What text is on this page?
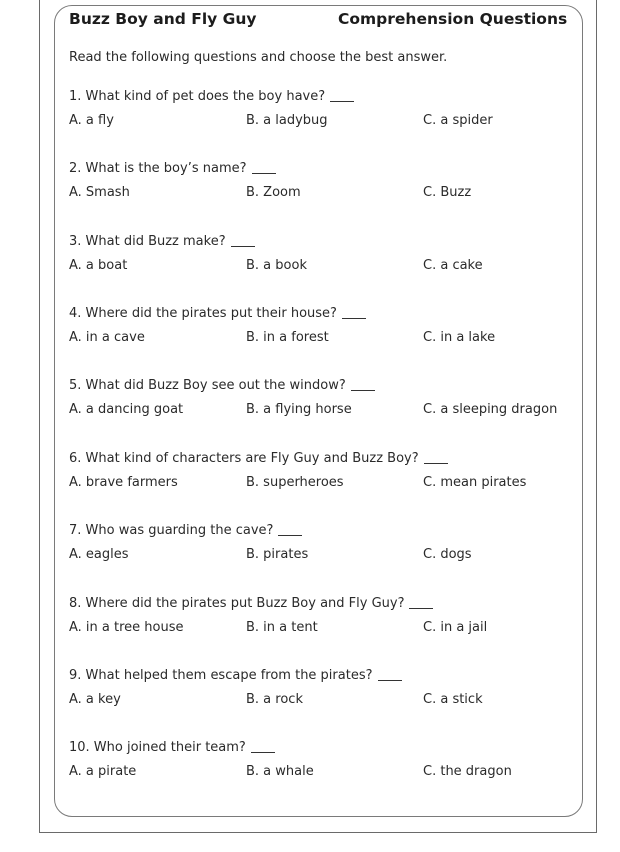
Buzz Boy and Fly Guy	Comprehension Questions
Read the following questions and choose the best answer.
1. What kind of pet does the boy have?
A. a fly	B. a ladybug	C. a spider
2. What is the boy’s name?
A. Smash	B. Zoom	C. Buzz
3. What did Buzz make?
A. a boat	B. a book	C. a cake
4. Where did the pirates put their house?
A. in a cave	B. in a forest	C. in a lake
5. What did Buzz Boy see out the window?
A. a dancing goat	B. a flying horse	C. a sleeping dragon
6. What kind of characters are Fly Guy and Buzz Boy?
A. brave farmers	B. superheroes	C. mean pirates
7. Who was guarding the cave?
A. eagles	B. pirates	C. dogs
8. Where did the pirates put Buzz Boy and Fly Guy?
A. in a tree house	B. in a tent	C. in a jail
9. What helped them escape from the pirates?
A. a key	B. a rock	C. a stick
10. Who joined their team?
A. a pirate	B. a whale	C. the dragon
